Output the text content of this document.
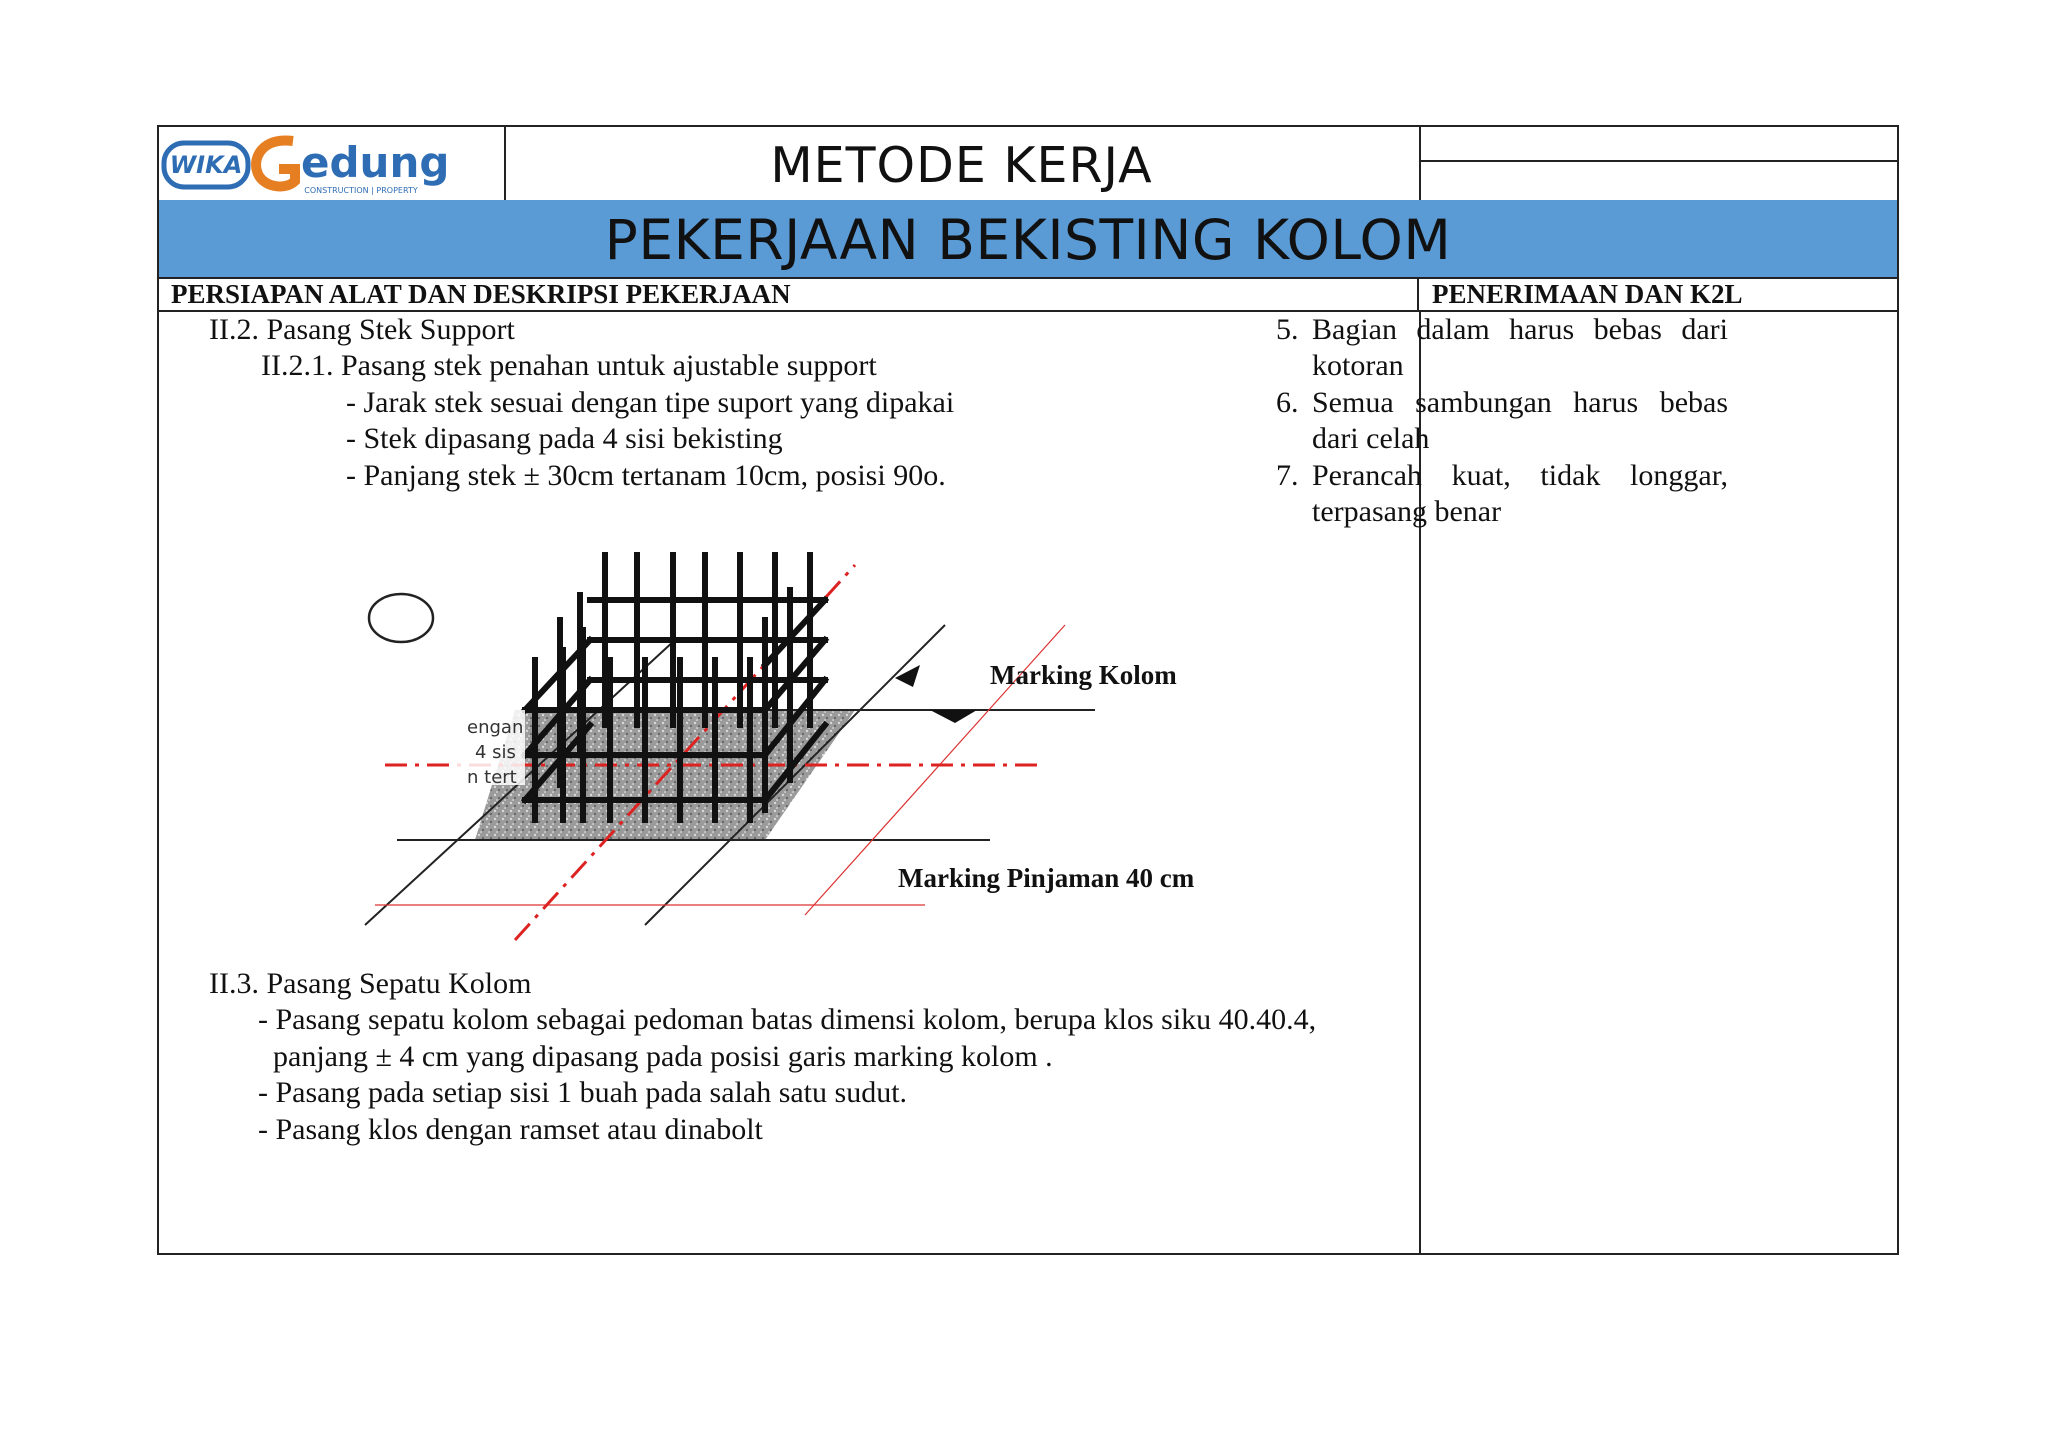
WIKA edung
CONSTRUCTION | PROPERTY	METODE KERJA
PEKERJAAN BEKISTING KOLOM
PERSIAPAN ALAT DAN DESKRIPSI PEKERJAAN	PENERIMAAN DAN K2L
II.2. Pasang Stek Support
II.2.1. Pasang stek penahan untuk ajustable support
- Jarak stek sesuai dengan tipe suport yang dipakai
- Stek dipasang pada 4 sisi bekisting
- Panjang stek ± 30cm tertanam 10cm, posisi 90o.
engan
4 sis
n tert
Marking Kolom
Marking Pinjaman 40 cm
II.3. Pasang Sepatu Kolom
- Pasang sepatu kolom sebagai pedoman batas dimensi kolom, berupa klos siku 40.40.4,
panjang ± 4 cm yang dipasang pada posisi garis marking kolom .
- Pasang pada setiap sisi 1 buah pada salah satu sudut.
- Pasang klos dengan ramset atau dinabolt
5. Bagian dalam harus bebas dari kotoran
6. Semua sambungan harus bebas dari celah
7. Perancah kuat, tidak longgar, terpasang benar
